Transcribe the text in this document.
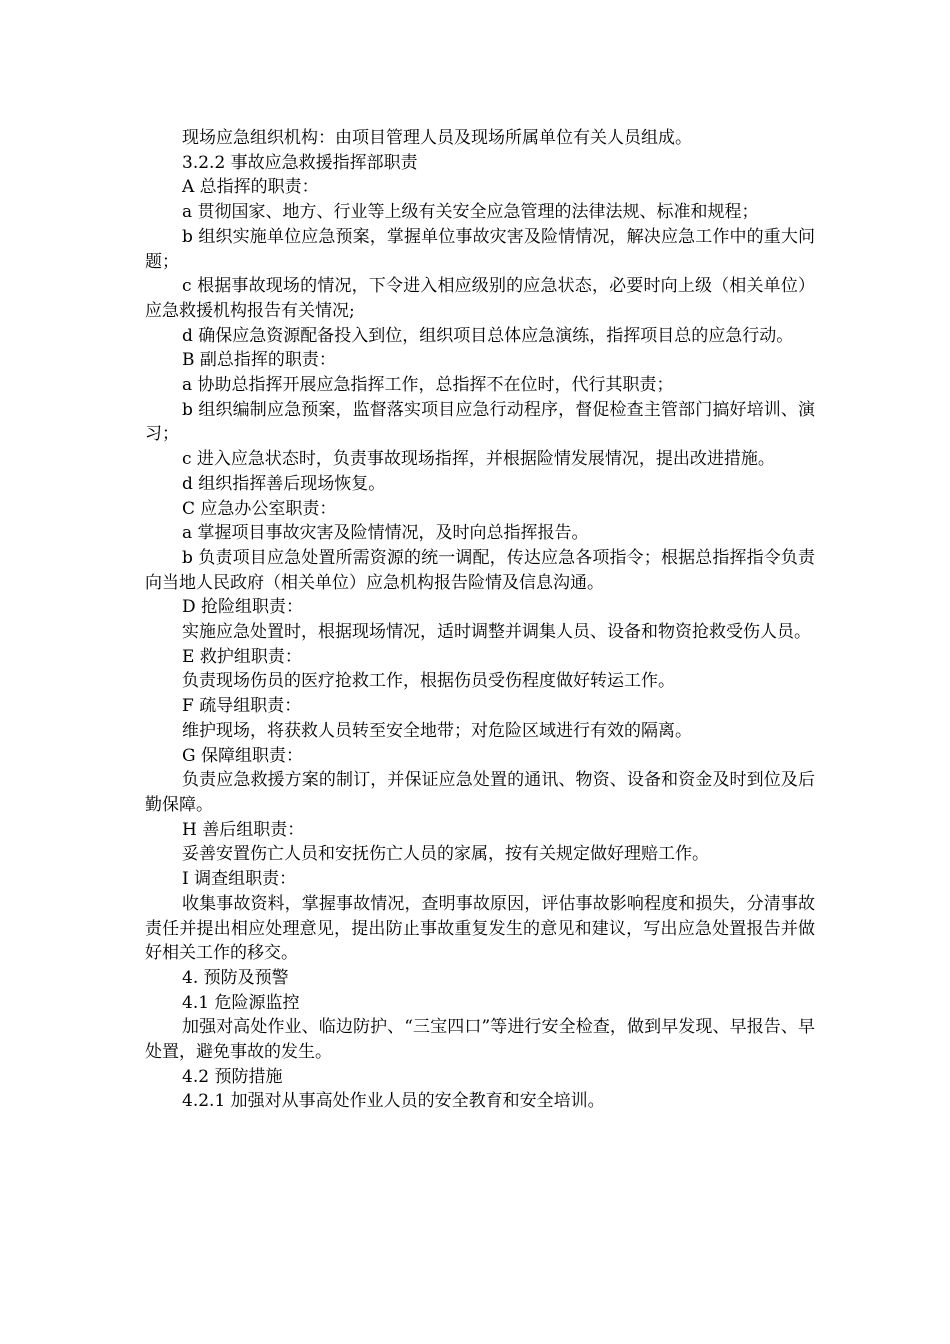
现场应急组织机构：由项目管理人员及现场所属单位有关人员组成。

3.2.2 事故应急救援指挥部职责

A 总指挥的职责：

a 贯彻国家、地方、行业等上级有关安全应急管理的法律法规、标准和规程；

b 组织实施单位应急预案，掌握单位事故灾害及险情情况，解决应急工作中的重大问题；

c 根据事故现场的情况，下令进入相应级别的应急状态，必要时向上级（相关单位）应急救援机构报告有关情况;

d 确保应急资源配备投入到位，组织项目总体应急演练，指挥项目总的应急行动。

B 副总指挥的职责：

a 协助总指挥开展应急指挥工作，总指挥不在位时，代行其职责；

b 组织编制应急预案，监督落实项目应急行动程序，督促检查主管部门搞好培训、演习；

c 进入应急状态时，负责事故现场指挥，并根据险情发展情况，提出改进措施。

d 组织指挥善后现场恢复。

C 应急办公室职责：

a 掌握项目事故灾害及险情情况，及时向总指挥报告。

b 负责项目应急处置所需资源的统一调配，传达应急各项指令；根据总指挥指令负责向当地人民政府（相关单位）应急机构报告险情及信息沟通。

D 抢险组职责：

实施应急处置时，根据现场情况，适时调整并调集人员、设备和物资抢救受伤人员。

E 救护组职责：

负责现场伤员的医疗抢救工作，根据伤员受伤程度做好转运工作。

F 疏导组职责：

维护现场，将获救人员转至安全地带；对危险区域进行有效的隔离。

G 保障组职责：

负责应急救援方案的制订，并保证应急处置的通讯、物资、设备和资金及时到位及后勤保障。

H 善后组职责：

妥善安置伤亡人员和安抚伤亡人员的家属，按有关规定做好理赔工作。

I 调查组职责：

收集事故资料，掌握事故情况，查明事故原因，评估事故影响程度和损失，分清事故责任并提出相应处理意见，提出防止事故重复发生的意见和建议，写出应急处置报告并做好相关工作的移交。

4. 预防及预警

4.1 危险源监控

加强对高处作业、临边防护、“三宝四口”等进行安全检查，做到早发现、早报告、早处置，避免事故的发生。

4.2 预防措施

4.2.1 加强对从事高处作业人员的安全教育和安全培训。
